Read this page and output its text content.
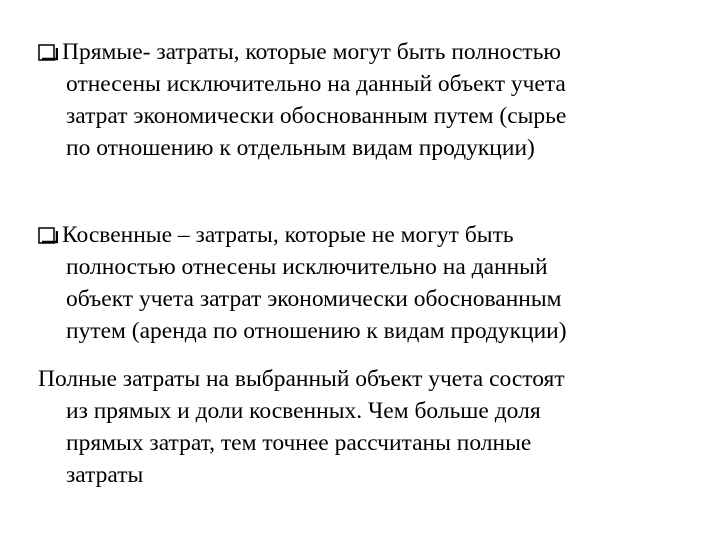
Прямые- затраты, которые могут быть полностью
отнесены исключительно на данный объект учета
затрат экономически обоснованным путем (сырье
по отношению к отдельным видам продукции)
Косвенные – затраты, которые не могут быть
полностью отнесены исключительно на данный
объект учета затрат экономически обоснованным
путем (аренда по отношению к видам продукции)
Полные затраты на выбранный объект учета состоят
из прямых и доли косвенных. Чем больше доля
прямых затрат, тем точнее рассчитаны полные
затраты
